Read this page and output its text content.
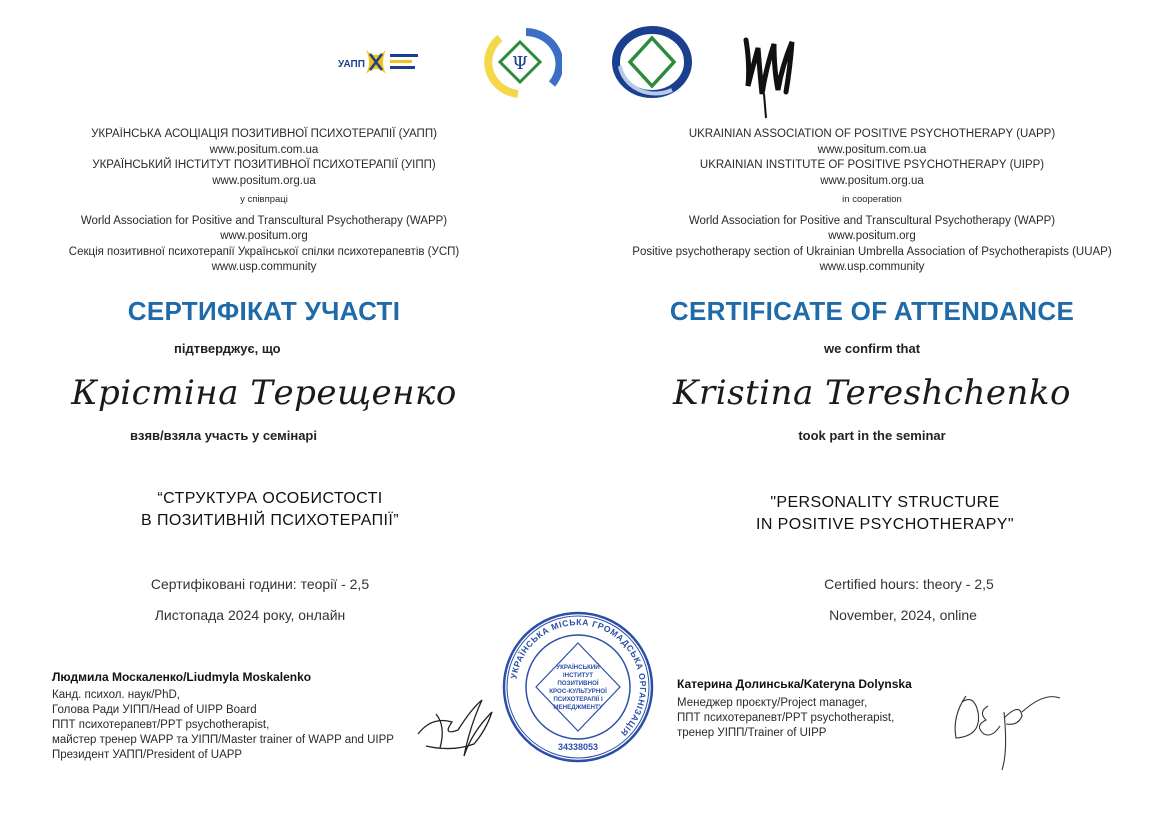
УАПП	Ψ
УКРАЇНСЬКА АСОЦІАЦІЯ ПОЗИТИВНОЇ ПСИХОТЕРАПІЇ (УАПП)
www.positum.com.ua
УКРАЇНСЬКИЙ ІНСТИТУТ ПОЗИТИВНОЇ ПСИХОТЕРАПІЇ (УІПП)
www.positum.org.ua
у співпраці
World Association for Positive and Transcultural Psychotherapy (WAPP)
www.positum.org
Секція позитивної психотерапії Української спілки психотерапевтів (УСП)
www.usp.community
СЕРТИФІКАТ УЧАСТІ
підтверджує, що
Крістіна Терещенко
взяв/взяла участь у семінарі
“СТРУКТУРА ОСОБИСТОСТІ
В ПОЗИТИВНІЙ ПСИХОТЕРАПІЇ”
Сертифіковані години: теорії - 2,5
Листопада 2024 року, онлайн
UKRAINIAN ASSOCIATION OF POSITIVE PSYCHOTHERAPY (UAPP)
www.positum.com.ua
UKRAINIAN INSTITUTE OF POSITIVE PSYCHOTHERAPY (UIPP)
www.positum.org.ua
in cooperation
World Association for Positive and Transcultural Psychotherapy (WAPP)
www.positum.org
Positive psychotherapy section of Ukrainian Umbrella Association of Psychotherapists (UUAP)
www.usp.community
CERTIFICATE OF ATTENDANCE
we confirm that
Kristina Tereshchenko
took part in the seminar
"PERSONALITY STRUCTURE
IN POSITIVE PSYCHOTHERAPY"
Certified hours: theory - 2,5
November, 2024, online
Людмила Москаленко/Liudmyla Moskalenko
Канд. психол. наук/PhD,
Голова Ради УІПП/Head of UIPP Board
ППТ психотерапевт/PPT psychotherapist,
майстер тренер WAPP та УІПП/Master trainer of WAPP and UIPP
Президент УАПП/President of UAPP
УКРАЇНСЬКА МІСЬКА ГРОМАДСЬКА ОРГАНІЗАЦІЯ
УКРАЇНСЬКИЙ
ІНСТИТУТ
ПОЗИТИВНОЇ
КРОС-КУЛЬТУРНОЇ
ПСИХОТЕРАПІЇ І
МЕНЕДЖМЕНТУ
34338053
Катерина Долинська/Kateryna Dolynska
Менеджер проєкту/Project manager,
ППТ психотерапевт/PPT psychotherapist,
тренер УІПП/Trainer of UIPP
